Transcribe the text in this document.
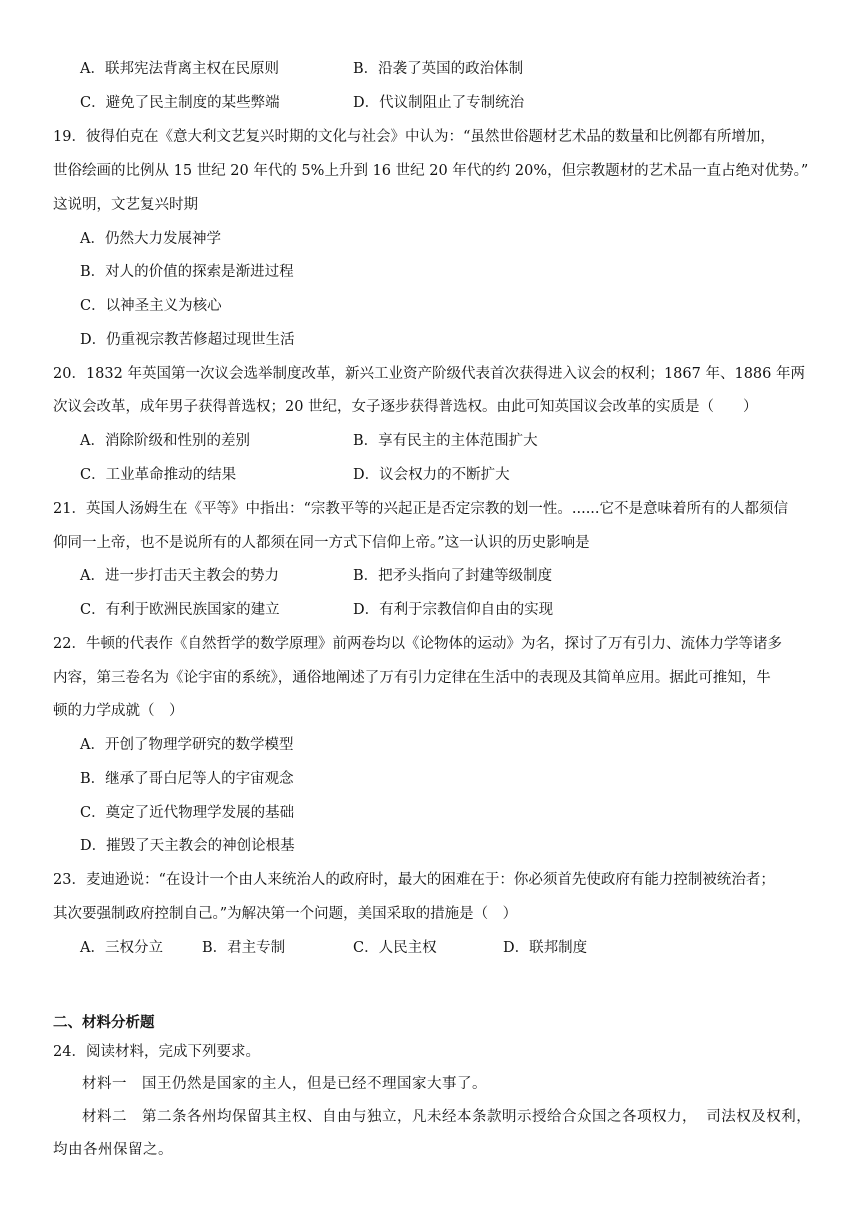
A．联邦宪法背离主权在民原则	B．沿袭了英国的政治体制
C．避免了民主制度的某些弊端	D．代议制阻止了专制统治
19．彼得伯克在《意大利文艺复兴时期的文化与社会》中认为：“虽然世俗题材艺术品的数量和比例都有所增加，
世俗绘画的比例从 15 世纪 20 年代的 5%上升到 16 世纪 20 年代的约 20%，但宗教题材的艺术品一直占绝对优势。”
这说明，文艺复兴时期
A．仍然大力发展神学
B．对人的价值的探索是渐进过程
C．以神圣主义为核心
D．仍重视宗教苦修超过现世生活
20．1832 年英国第一次议会选举制度改革，新兴工业资产阶级代表首次获得进入议会的权利；1867 年、1886 年两
次议会改革，成年男子获得普选权；20 世纪，女子逐步获得普选权。由此可知英国议会改革的实质是（　　）
A．消除阶级和性别的差别	B．享有民主的主体范围扩大
C．工业革命推动的结果	D．议会权力的不断扩大
21．英国人汤姆生在《平等》中指出：“宗教平等的兴起正是否定宗教的划一性。......它不是意味着所有的人都须信
仰同一上帝，也不是说所有的人都须在同一方式下信仰上帝。”这一认识的历史影响是
A．进一步打击天主教会的势力	B．把矛头指向了封建等级制度
C．有利于欧洲民族国家的建立	D．有利于宗教信仰自由的实现
22．牛顿的代表作《自然哲学的数学原理》前两卷均以《论物体的运动》为名，探讨了万有引力、流体力学等诸多
内容，第三卷名为《论宇宙的系统》，通俗地阐述了万有引力定律在生活中的表现及其简单应用。据此可推知，牛
顿的力学成就（　）
A．开创了物理学研究的数学模型
B．继承了哥白尼等人的宇宙观念
C．奠定了近代物理学发展的基础
D．摧毁了天主教会的神创论根基
23．麦迪逊说：“在设计一个由人来统治人的政府时，最大的困难在于：你必须首先使政府有能力控制被统治者；
其次要强制政府控制自己。”为解决第一个问题，美国采取的措施是（　）
A．三权分立	B．君主专制	C．人民主权	D．联邦制度
二、材料分析题
24．阅读材料，完成下列要求。
材料一　国王仍然是国家的主人，但是已经不理国家大事了。
材料二　第二条各州均保留其主权、自由与独立，凡未经本条款明示授给合众国之各项权力， 司法权及权利，
均由各州保留之。
